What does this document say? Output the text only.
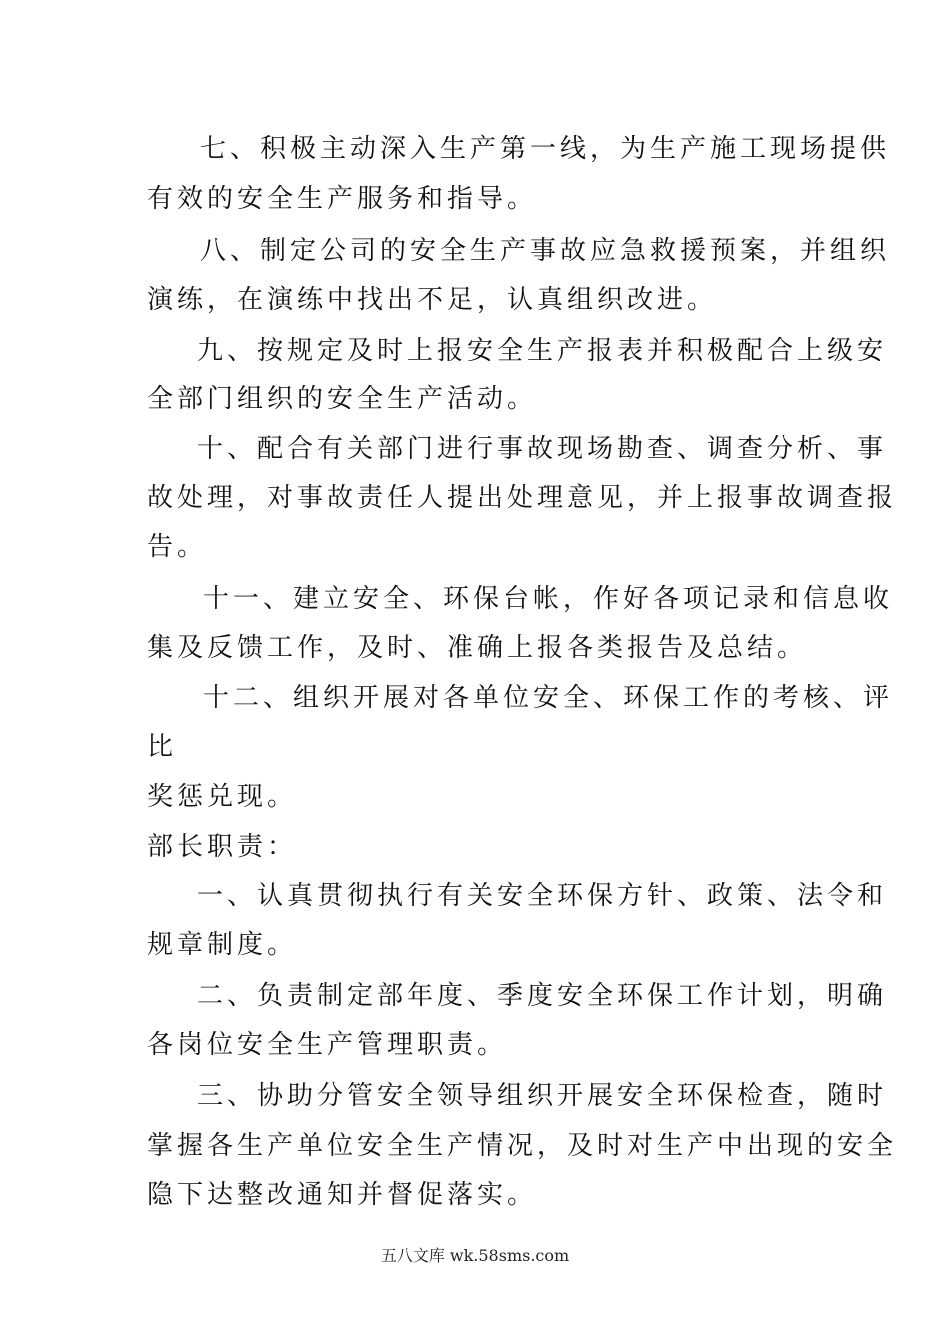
七、积极主动深入生产第一线，为生产施工现场提供
有效的安全生产服务和指导。
八、制定公司的安全生产事故应急救援预案，并组织
演练，在演练中找出不足，认真组织改进。
九、按规定及时上报安全生产报表并积极配合上级安
全部门组织的安全生产活动。
十、配合有关部门进行事故现场勘查、调查分析、事
故处理，对事故责任人提出处理意见，并上报事故调查报
告。
十一、建立安全、环保台帐，作好各项记录和信息收
集及反馈工作，及时、准确上报各类报告及总结。
十二、组织开展对各单位安全、环保工作的考核、评
比
奖惩兑现。
部长职责：
一、认真贯彻执行有关安全环保方针、政策、法令和
规章制度。
二、负责制定部年度、季度安全环保工作计划，明确
各岗位安全生产管理职责。
三、协助分管安全领导组织开展安全环保检查，随时
掌握各生产单位安全生产情况，及时对生产中出现的安全
隐下达整改通知并督促落实。
五八文库 wk.58sms.com
